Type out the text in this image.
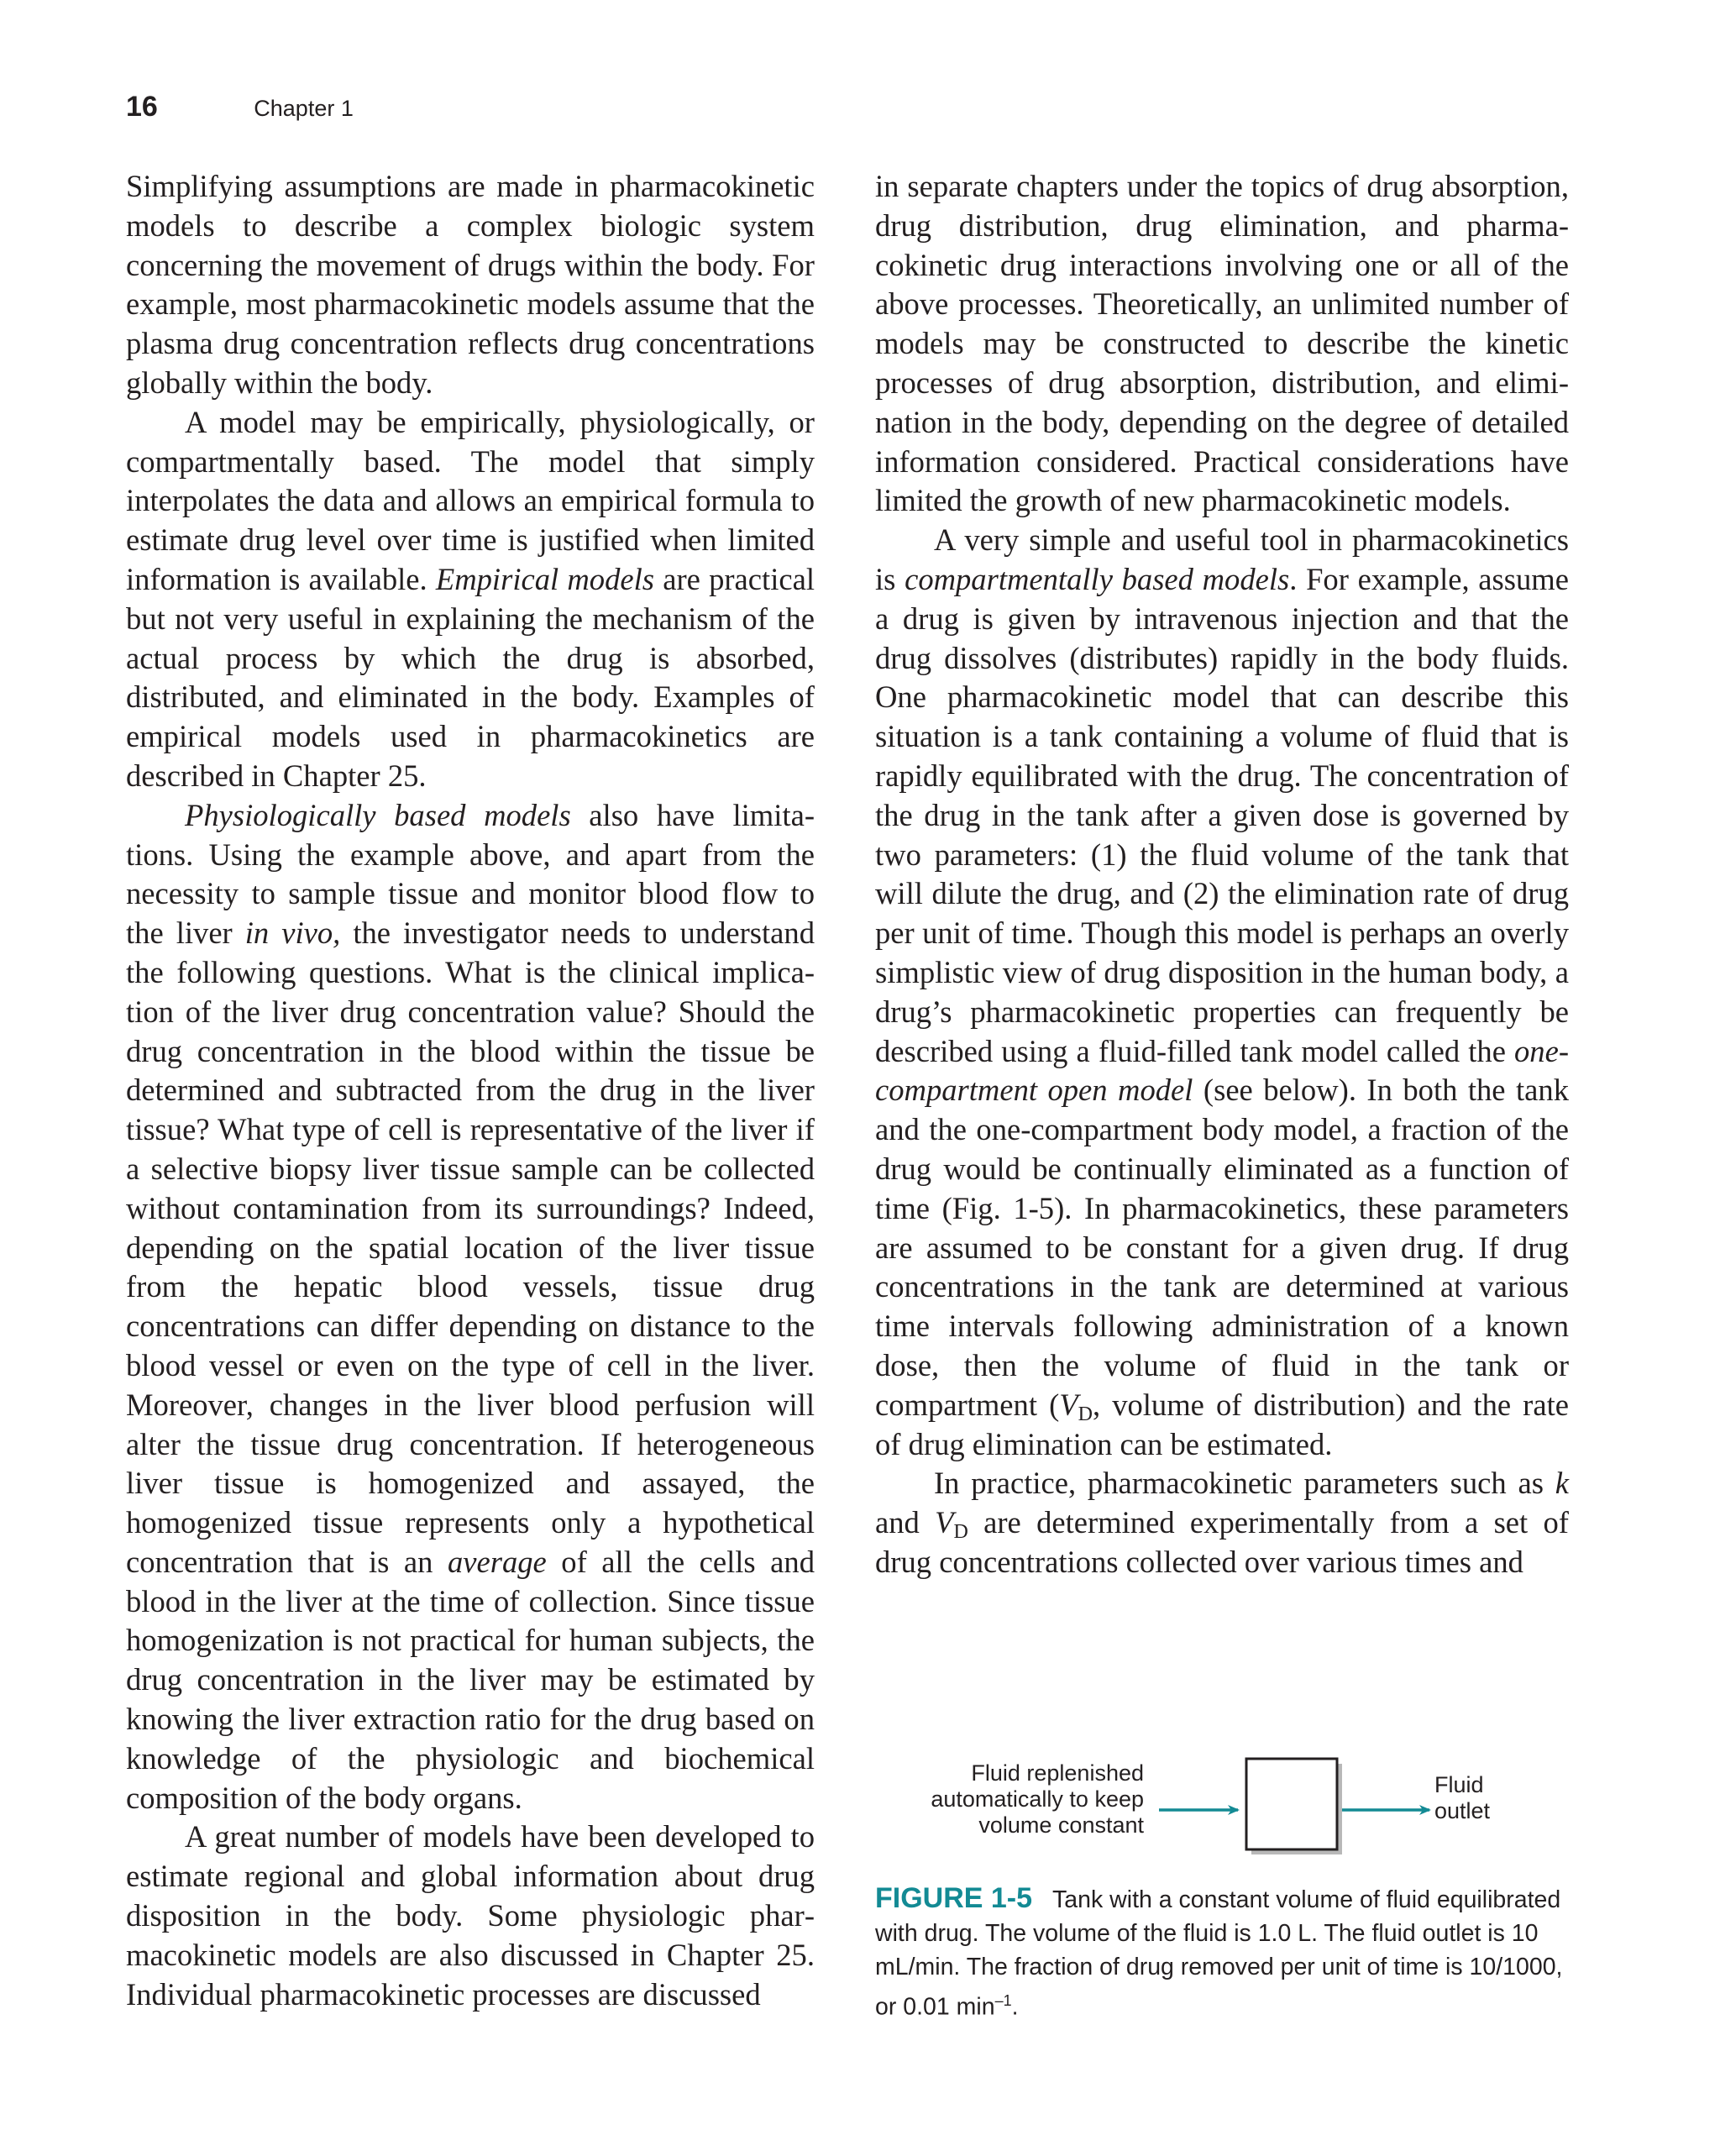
16	Chapter 1

Simplifying assumptions are made in pharmacokinetic models to describe a complex biologic system concerning the movement of drugs within the body. For example, most pharmacokinetic models assume that the plasma drug concentration reflects drug concentrations globally within the body.

A model may be empirically, physiologically, or compartmentally based. The model that simply interpolates the data and allows an empirical formula to estimate drug level over time is justified when limited information is available. Empirical models are practical but not very useful in explaining the mechanism of the actual process by which the drug is absorbed, distributed, and eliminated in the body. Examples of empirical models used in pharmacokinetics are described in Chapter 25.

Physiologically based models also have limitations. Using the example above, and apart from the necessity to sample tissue and monitor blood flow to the liver in vivo, the investigator needs to understand the following questions. What is the clinical implication of the liver drug concentration value? Should the drug concentration in the blood within the tissue be determined and subtracted from the drug in the liver tissue? What type of cell is representative of the liver if a selective biopsy liver tissue sample can be collected without contamination from its surroundings? Indeed, depending on the spatial location of the liver tissue from the hepatic blood vessels, tissue drug concentrations can differ depending on distance to the blood vessel or even on the type of cell in the liver. Moreover, changes in the liver blood perfusion will alter the tissue drug concentration. If heterogeneous liver tissue is homogenized and assayed, the homogenized tissue represents only a hypothetical concentration that is an average of all the cells and blood in the liver at the time of collection. Since tissue homogenization is not practical for human subjects, the drug concentration in the liver may be estimated by knowing the liver extraction ratio for the drug based on knowledge of the physiologic and biochemical composition of the body organs.

A great number of models have been developed to estimate regional and global information about drug disposition in the body. Some physiologic pharmacokinetic models are also discussed in Chapter 25. Individual pharmacokinetic processes are discussed

in separate chapters under the topics of drug absorption, drug distribution, drug elimination, and pharmacokinetic drug interactions involving one or all of the above processes. Theoretically, an unlimited number of models may be constructed to describe the kinetic processes of drug absorption, distribution, and elimination in the body, depending on the degree of detailed information considered. Practical considerations have limited the growth of new pharmacokinetic models.

A very simple and useful tool in pharmacokinetics is compartmentally based models. For example, assume a drug is given by intravenous injection and that the drug dissolves (distributes) rapidly in the body fluids. One pharmacokinetic model that can describe this situation is a tank containing a volume of fluid that is rapidly equilibrated with the drug. The concentration of the drug in the tank after a given dose is governed by two parameters: (1) the fluid volume of the tank that will dilute the drug, and (2) the elimination rate of drug per unit of time. Though this model is perhaps an overly simplistic view of drug disposition in the human body, a drug’s pharmacokinetic properties can frequently be described using a fluid-filled tank model called the one-compartment open model (see below). In both the tank and the one-compartment body model, a fraction of the drug would be continually eliminated as a function of time (Fig. 1-5). In pharmacokinetics, these parameters are assumed to be constant for a given drug. If drug concentrations in the tank are determined at various time intervals following administration of a known dose, then the volume of fluid in the tank or compartment ($V_D$, volume of distribution) and the rate of drug elimination can be estimated.

In practice, pharmacokinetic parameters such as k and $V_D$ are determined experimentally from a set of drug concentrations collected over various times and

Fluid replenished
automatically to keep
volume constant
Fluid
outlet
FIGURE 1-5 Tank with a constant volume of fluid equilibrated with drug. The volume of the fluid is 1.0 L. The fluid outlet is 10 mL/min. The fraction of drug removed per unit of time is 10/1000, or 0.01 $\min^{-1}$.
